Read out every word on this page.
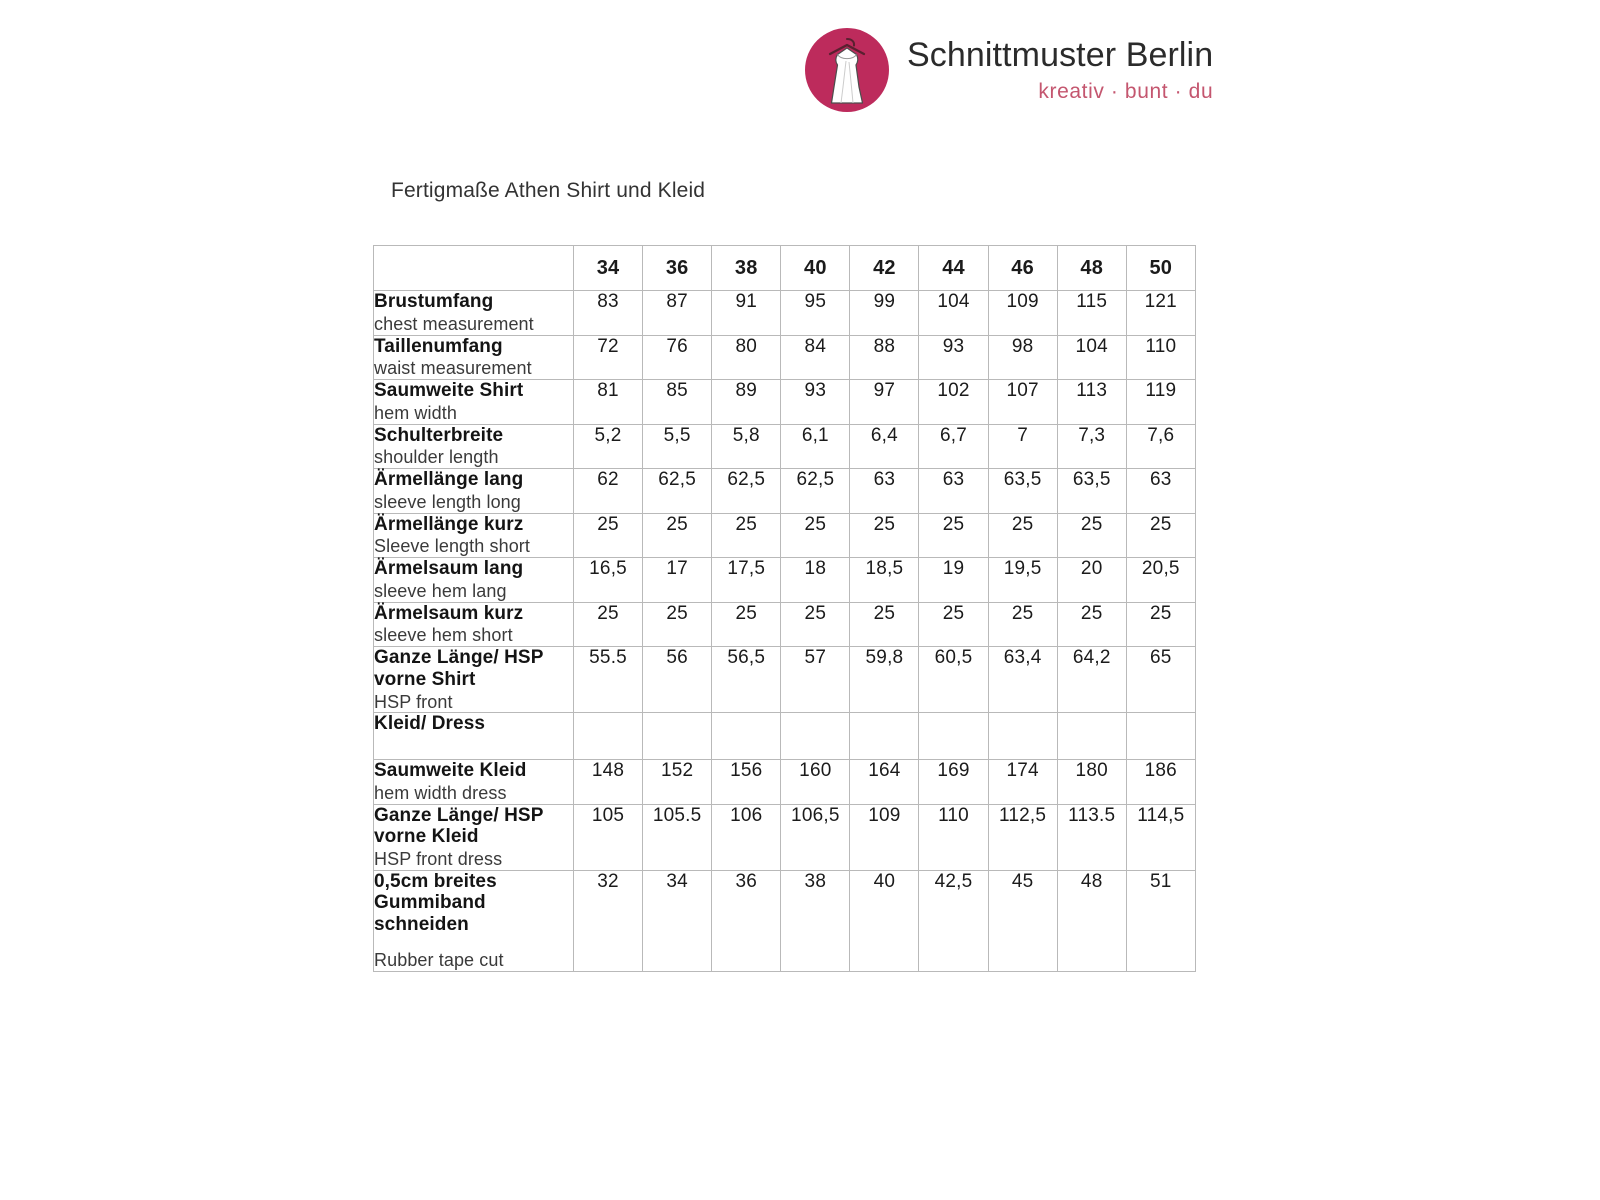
Schnittmuster Berlin
kreativ · bunt · du
Fertigmaße Athen Shirt und Kleid
	34	36	38	40	42	44	46	48	50

Brustumfang
chest measurement	83	87	91	95	99	104	109	115	121

Taillenumfang
waist measurement	72	76	80	84	88	93	98	104	110

Saumweite Shirt
hem width	81	85	89	93	97	102	107	113	119

Schulterbreite
shoulder length	5,2	5,5	5,8	6,1	6,4	6,7	7	7,3	7,6

Ärmellänge lang
sleeve length long	62	62,5	62,5	62,5	63	63	63,5	63,5	63

Ärmellänge kurz
Sleeve length short	25	25	25	25	25	25	25	25	25

Ärmelsaum lang
sleeve hem lang	16,5	17	17,5	18	18,5	19	19,5	20	20,5

Ärmelsaum kurz
sleeve hem short	25	25	25	25	25	25	25	25	25

Ganze Länge/ HSP vorne Shirt
HSP front	55.5	56	56,5	57	59,8	60,5	63,4	64,2	65

Kleid/ Dress									

Saumweite Kleid
hem width dress	148	152	156	160	164	169	174	180	186

Ganze Länge/ HSP vorne Kleid
HSP front dress	105	105.5	106	106,5	109	110	112,5	113.5	114,5

0,5cm breites Gummiband schneiden
Rubber tape cut	32	34	36	38	40	42,5	45	48	51
